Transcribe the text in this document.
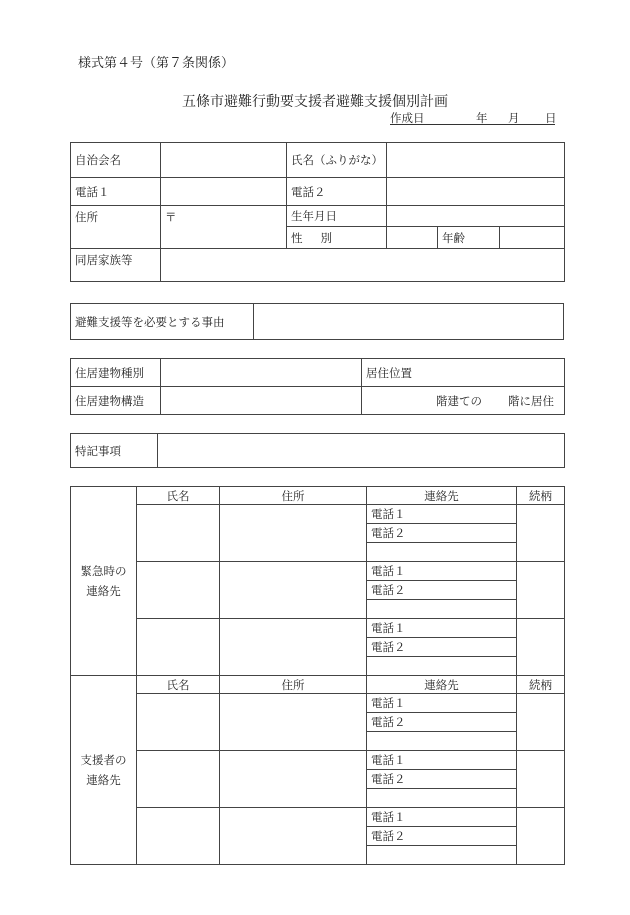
様式第４号（第７条関係）
五條市避難行動要支援者避難支援個別計画
作成日	年 月 日
自治会名		氏名（ふりがな）			
電話１		電話２			
住所	〒	生年月日			
		性 別		年齢	
同居家族等					
避難支援等を必要とする事由	
住居建物種別		居住位置
住居建物構造		階建ての 階に居住
特記事項	
緊急時の
連絡先	氏名	住所	連絡先	続柄
			電話１	
			電話２	

			電話１	
			電話２	

			電話１	
			電話２	

支援者の
連絡先	氏名	住所	連絡先	続柄
			電話１	
			電話２	

			電話１	
			電話２	

			電話１	
			電話２	
